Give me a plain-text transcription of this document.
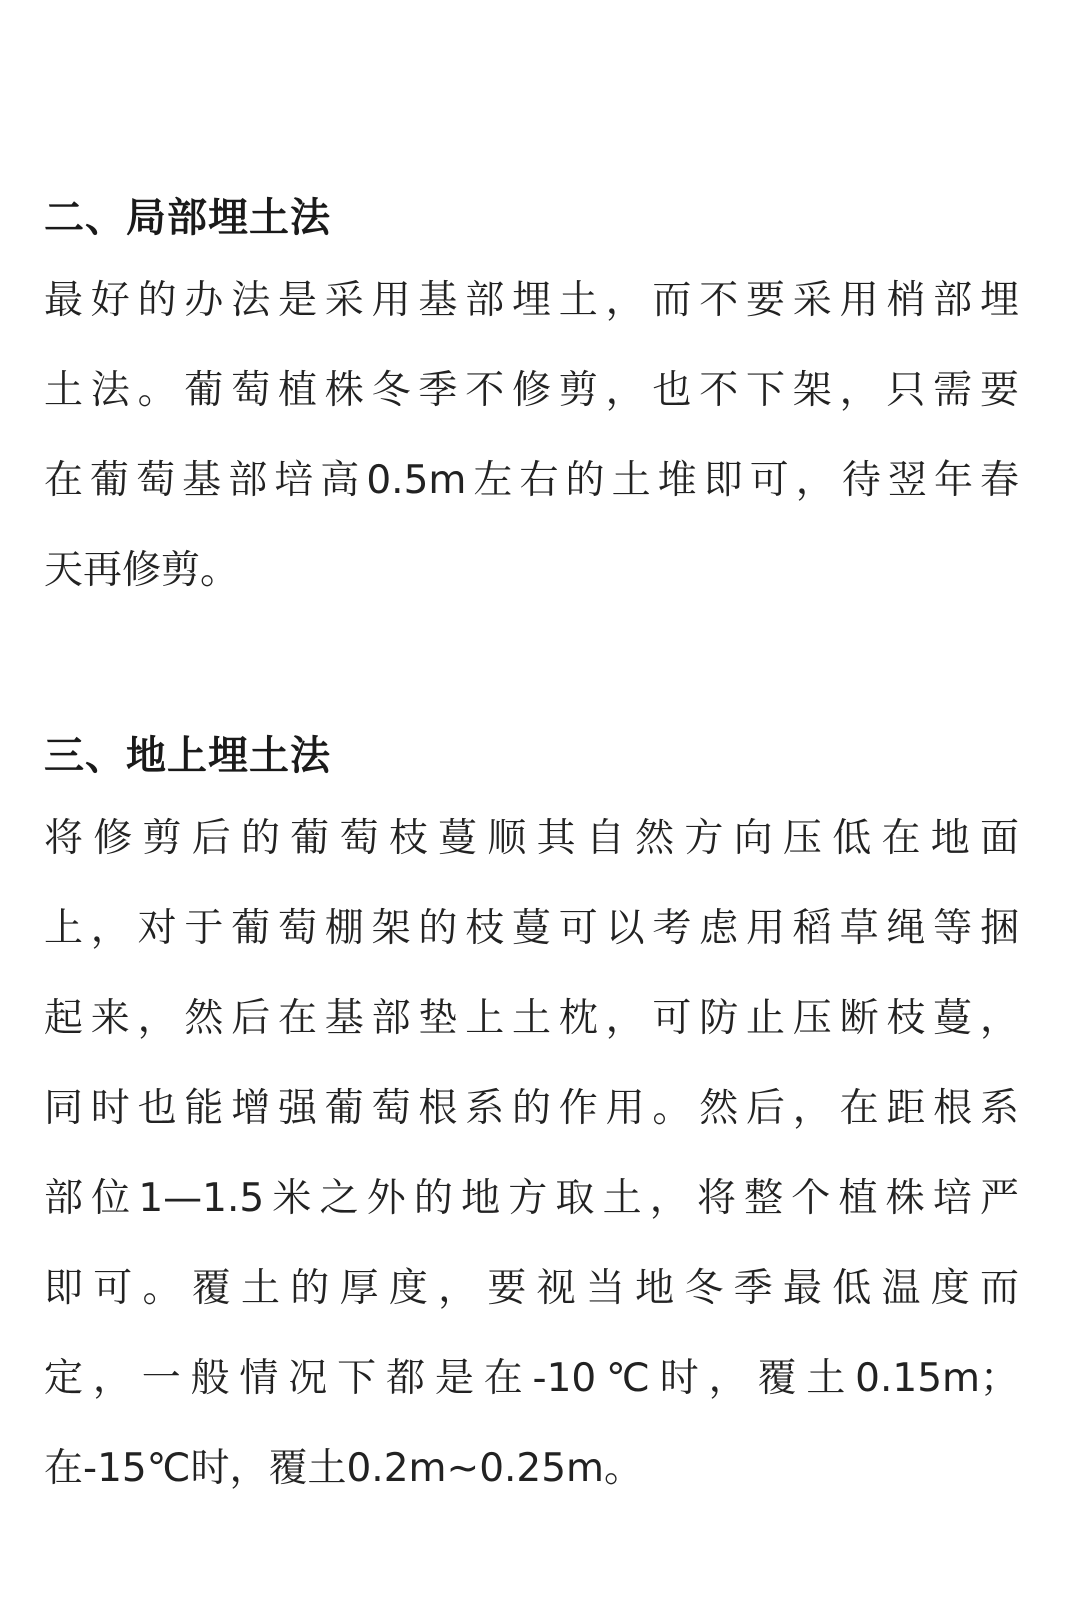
二、局部埋土法
最好的办法是采用基部埋土，而不要采用梢部埋
土法。葡萄植株冬季不修剪，也不下架，只需要
在葡萄基部培高0.5m左右的土堆即可，待翌年春
天再修剪。
三、地上埋土法
将修剪后的葡萄枝蔓顺其自然方向压低在地面
上，对于葡萄棚架的枝蔓可以考虑用稻草绳等捆
起来，然后在基部垫上土枕，可防止压断枝蔓，
同时也能增强葡萄根系的作用。然后，在距根系
部位1—1.5米之外的地方取土，将整个植株培严
即可。覆土的厚度，要视当地冬季最低温度而
定，一般情况下都是在-10℃时，覆土0.15m；
在-15℃时，覆土0.2m~0.25m。
